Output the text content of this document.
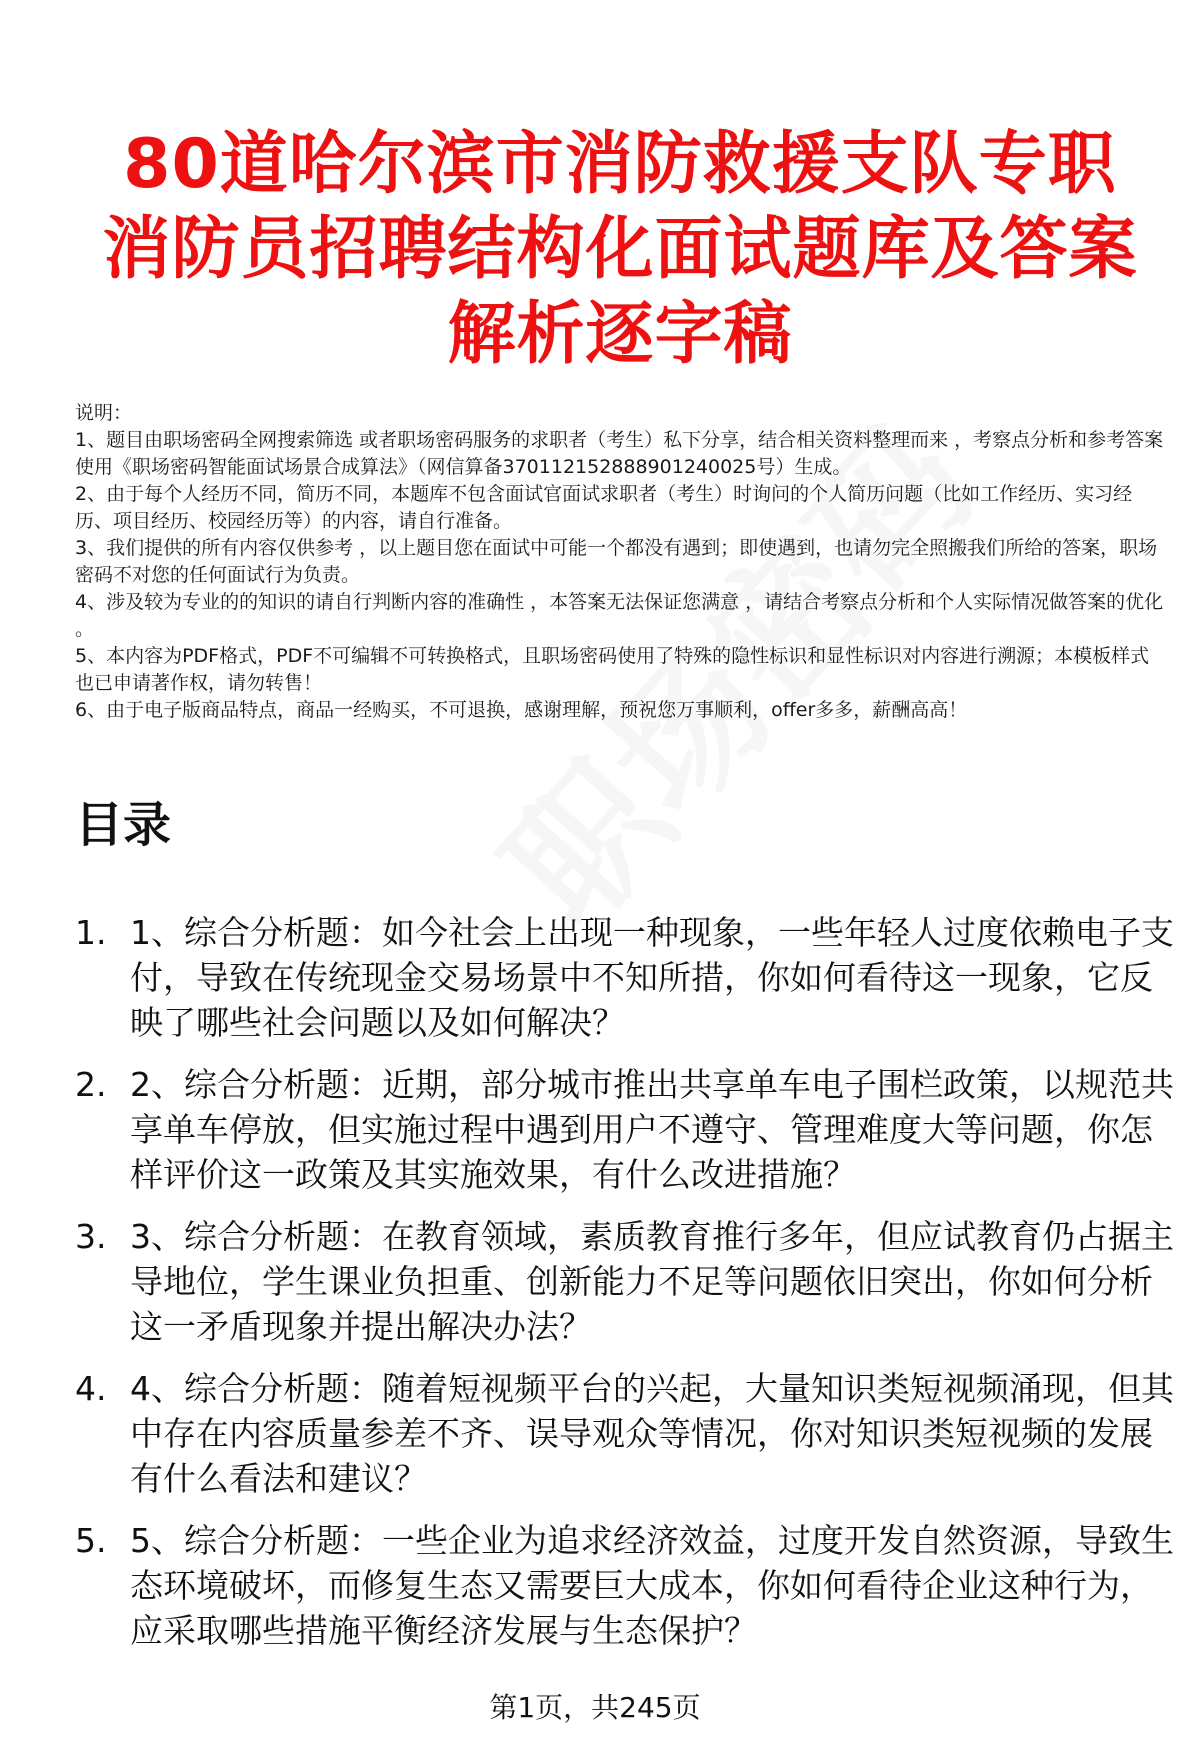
80道哈尔滨市消防救援支队专职消防员招聘结构化面试题库及答案解析逐字稿

说明：

1、题目由职场密码全网搜索筛选 或者职场密码服务的求职者（考生）私下分享，结合相关资料整理而来 ，考察点分析和参考答案使用《职场密码智能面试场景合成算法》（网信算备370112152888901240025号）生成。

2、由于每个人经历不同，简历不同，本题库不包含面试官面试求职者（考生）时询问的个人简历问题（比如工作经历、实习经历、项目经历、校园经历等）的内容，请自行准备。

3、我们提供的所有内容仅供参考 ，以上题目您在面试中可能一个都没有遇到；即使遇到，也请勿完全照搬我们所给的答案，职场密码不对您的任何面试行为负责。

4、涉及较为专业的的知识的请自行判断内容的准确性 ，本答案无法保证您满意 ，请结合考察点分析和个人实际情况做答案的优化 。

5、本内容为PDF格式，PDF不可编辑不可转换格式，且职场密码使用了特殊的隐性标识和显性标识对内容进行溯源；本模板样式也已申请著作权，请勿转售！

6、由于电子版商品特点，商品一经购买，不可退换，感谢理解，预祝您万事顺利，offer多多，薪酬高高！

目录
1. 1、综合分析题：如今社会上出现一种现象，一些年轻人过度依赖电子支付，导致在传统现金交易场景中不知所措，你如何看待这一现象，它反映了哪些社会问题以及如何解决？
2. 2、综合分析题：近期，部分城市推出共享单车电子围栏政策，以规范共享单车停放，但实施过程中遇到用户不遵守、管理难度大等问题，你怎样评价这一政策及其实施效果，有什么改进措施？
3. 3、综合分析题：在教育领域，素质教育推行多年，但应试教育仍占据主导地位，学生课业负担重、创新能力不足等问题依旧突出，你如何分析这一矛盾现象并提出解决办法？
4. 4、综合分析题：随着短视频平台的兴起，大量知识类短视频涌现，但其中存在内容质量参差不齐、误导观众等情况，你对知识类短视频的发展有什么看法和建议？
5. 5、综合分析题：一些企业为追求经济效益，过度开发自然资源，导致生态环境破坏，而修复生态又需要巨大成本，你如何看待企业这种行为，应采取哪些措施平衡经济发展与生态保护？
第1页，共245页
